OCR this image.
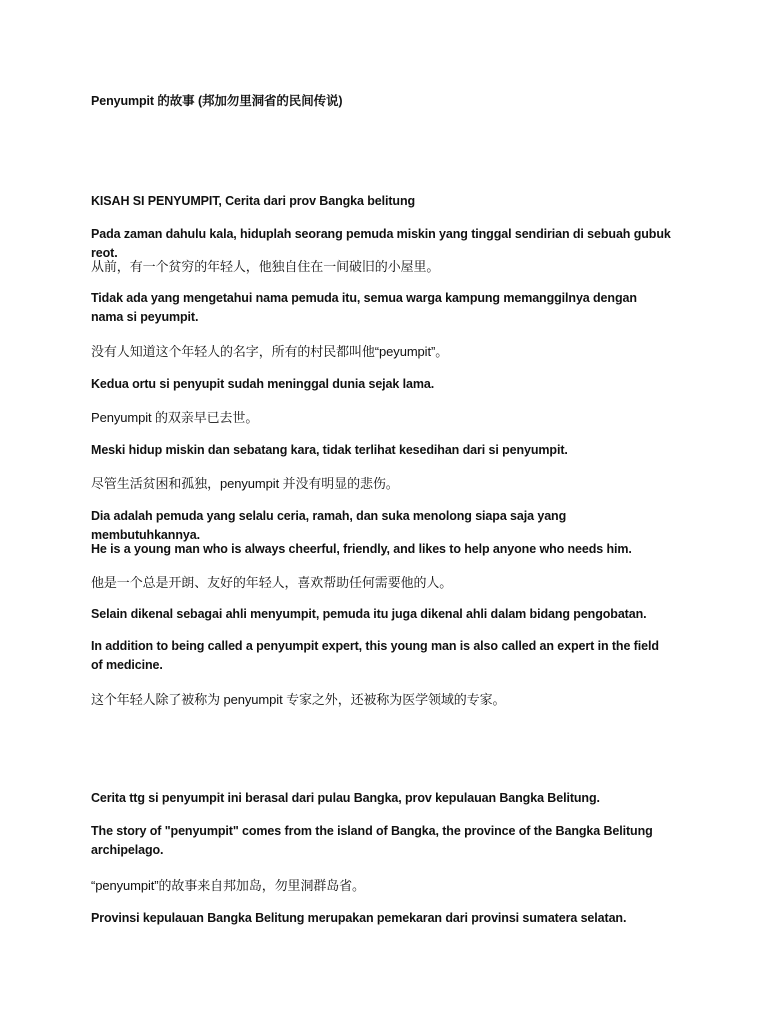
Penyumpit 的故事 (邦加勿里洞省的民间传说)

KISAH SI PENYUMPIT, Cerita dari prov Bangka belitung

Pada zaman dahulu kala, hiduplah seorang pemuda miskin yang tinggal sendirian di sebuah gubuk reot.

从前，有一个贫穷的年轻人，他独自住在一间破旧的小屋里。

Tidak ada yang mengetahui nama pemuda itu, semua warga kampung memanggilnya dengan nama si peyumpit.

没有人知道这个年轻人的名字，所有的村民都叫他“peyumpit”。

Kedua ortu si penyupit sudah meninggal dunia sejak lama.

Penyumpit 的双亲早已去世。

Meski hidup miskin dan sebatang kara, tidak terlihat kesedihan dari si penyumpit.

尽管生活贫困和孤独，penyumpit 并没有明显的悲伤。

Dia adalah pemuda yang selalu ceria, ramah, dan suka menolong siapa saja yang membutuhkannya.

He is a young man who is always cheerful, friendly, and likes to help anyone who needs him.

他是一个总是开朗、友好的年轻人，喜欢帮助任何需要他的人。

Selain dikenal sebagai ahli menyumpit, pemuda itu juga dikenal ahli dalam bidang pengobatan.

In addition to being called a penyumpit expert, this young man is also called an expert in the field of medicine.

这个年轻人除了被称为 penyumpit 专家之外，还被称为医学领域的专家。

Cerita ttg si penyumpit ini berasal dari pulau Bangka, prov kepulauan Bangka Belitung.

The story of "penyumpit" comes from the island of Bangka, the province of the Bangka Belitung archipelago.

“penyumpit”的故事来自邦加岛，勿里洞群岛省。

Provinsi kepulauan Bangka Belitung merupakan pemekaran dari provinsi sumatera selatan.
